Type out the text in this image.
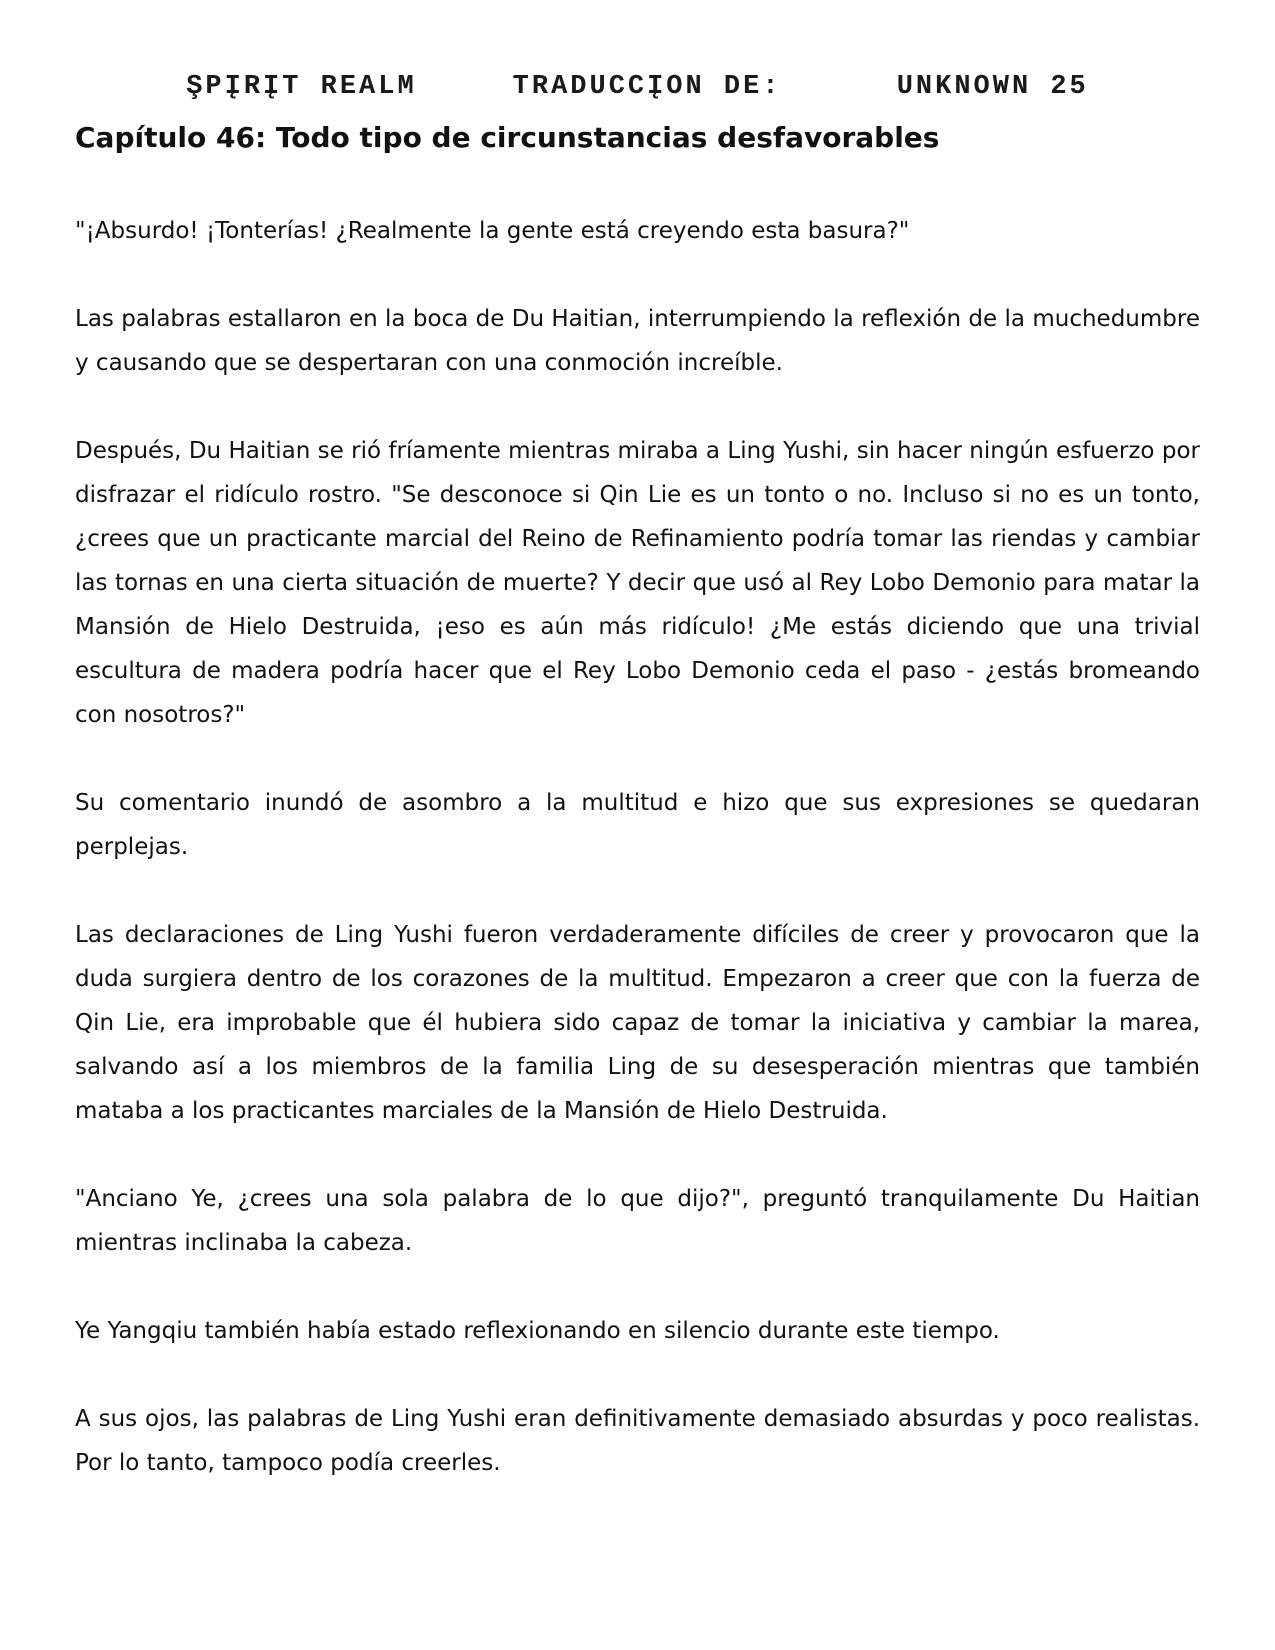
ŞPĮRĮT REALM     TRADUCCĮON DE:      UNKNOWN 25
Capítulo 46: Todo tipo de circunstancias desfavorables

"¡Absurdo! ¡Tonterías! ¿Realmente la gente está creyendo esta basura?"

Las palabras estallaron en la boca de Du Haitian, interrumpiendo la reflexión de la muchedumbre y causando que se despertaran con una conmoción increíble.

Después, Du Haitian se rió fríamente mientras miraba a Ling Yushi, sin hacer ningún esfuerzo por disfrazar el ridículo rostro. "Se desconoce si Qin Lie es un tonto o no. Incluso si no es un tonto, ¿crees que un practicante marcial del Reino de Refinamiento podría tomar las riendas y cambiar las tornas en una cierta situación de muerte? Y decir que usó al Rey Lobo Demonio para matar la Mansión de Hielo Destruida, ¡eso es aún más ridículo! ¿Me estás diciendo que una trivial escultura de madera podría hacer que el Rey Lobo Demonio ceda el paso - ¿estás bromeando con nosotros?"

Su comentario inundó de asombro a la multitud e hizo que sus expresiones se quedaran perplejas.

Las declaraciones de Ling Yushi fueron verdaderamente difíciles de creer y provocaron que la duda surgiera dentro de los corazones de la multitud. Empezaron a creer que con la fuerza de Qin Lie, era improbable que él hubiera sido capaz de tomar la iniciativa y cambiar la marea, salvando así a los miembros de la familia Ling de su desesperación mientras que también mataba a los practicantes marciales de la Mansión de Hielo Destruida.

"Anciano Ye, ¿crees una sola palabra de lo que dijo?", preguntó tranquilamente Du Haitian mientras inclinaba la cabeza.

Ye Yangqiu también había estado reflexionando en silencio durante este tiempo.

A sus ojos, las palabras de Ling Yushi eran definitivamente demasiado absurdas y poco realistas. Por lo tanto, tampoco podía creerles.
